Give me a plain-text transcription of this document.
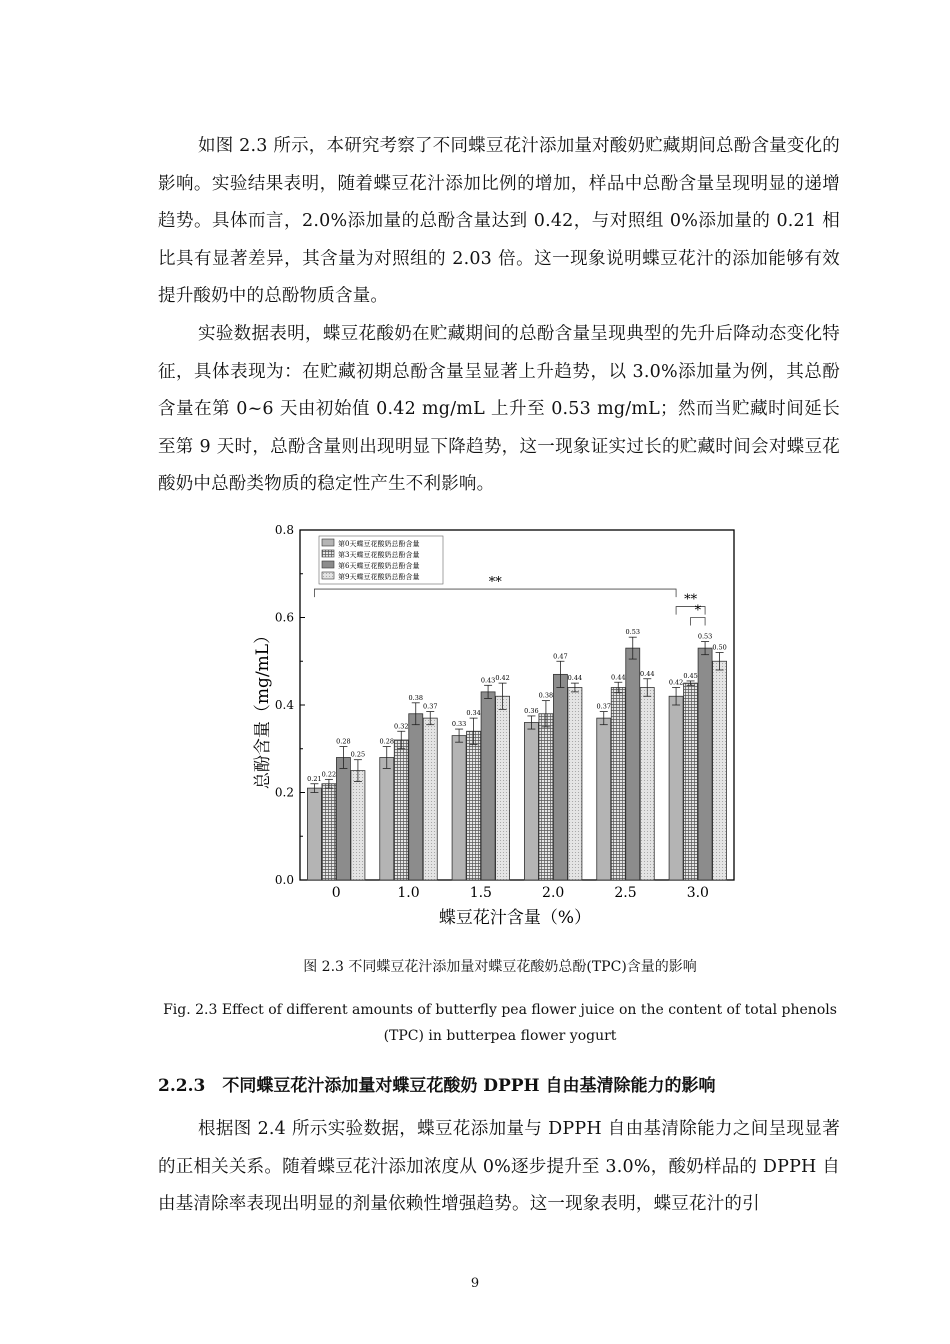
如图 2.3 所示，本研究考察了不同蝶豆花汁添加量对酸奶贮藏期间总酚含量变化的影响。实验结果表明，随着蝶豆花汁添加比例的增加，样品中总酚含量呈现明显的递增趋势。具体而言，2.0%添加量的总酚含量达到 0.42，与对照组 0%添加量的 0.21 相比具有显著差异，其含量为对照组的 2.03 倍。这一现象说明蝶豆花汁的添加能够有效提升酸奶中的总酚物质含量。

实验数据表明，蝶豆花酸奶在贮藏期间的总酚含量呈现典型的先升后降动态变化特征，具体表现为：在贮藏初期总酚含量呈显著上升趋势，以 3.0%添加量为例，其总酚含量在第 0~6 天由初始值 0.42 mg/mL 上升至 0.53 mg/mL；然而当贮藏时间延长至第 9 天时，总酚含量则出现明显下降趋势，这一现象证实过长的贮藏时间会对蝶豆花酸奶中总酚类物质的稳定性产生不利影响。

0.0
0.2
0.4
0.6
0.8
0	1.0	1.5	2.0	2.5	3.0
0.21
0.28
0.33
0.36
0.37
0.42
0.22
0.32
0.34
0.38
0.44	0.45
0.28
0.38
0.43
0.47
0.53
0.53
0.25
0.37
0.42	0.44
0.44
0.50
**
**
*
第0天蝶豆花酸奶总酚含量
第3天蝶豆花酸奶总酚含量
第6天蝶豆花酸奶总酚含量
第9天蝶豆花酸奶总酚含量
总酚含量（mg/mL）
蝶豆花汁含量（%）

图 2.3 不同蝶豆花汁添加量对蝶豆花酸奶总酚(TPC)含量的影响

Fig. 2.3 Effect of different amounts of butterfly pea flower juice on the content of total phenols (TPC) in butterpea flower yogurt

2.2.3　不同蝶豆花汁添加量对蝶豆花酸奶 DPPH 自由基清除能力的影响

根据图 2.4 所示实验数据，蝶豆花添加量与 DPPH 自由基清除能力之间呈现显著的正相关关系。随着蝶豆花汁添加浓度从 0%逐步提升至 3.0%，酸奶样品的 DPPH 自由基清除率表现出明显的剂量依赖性增强趋势。这一现象表明，蝶豆花汁的引

9
